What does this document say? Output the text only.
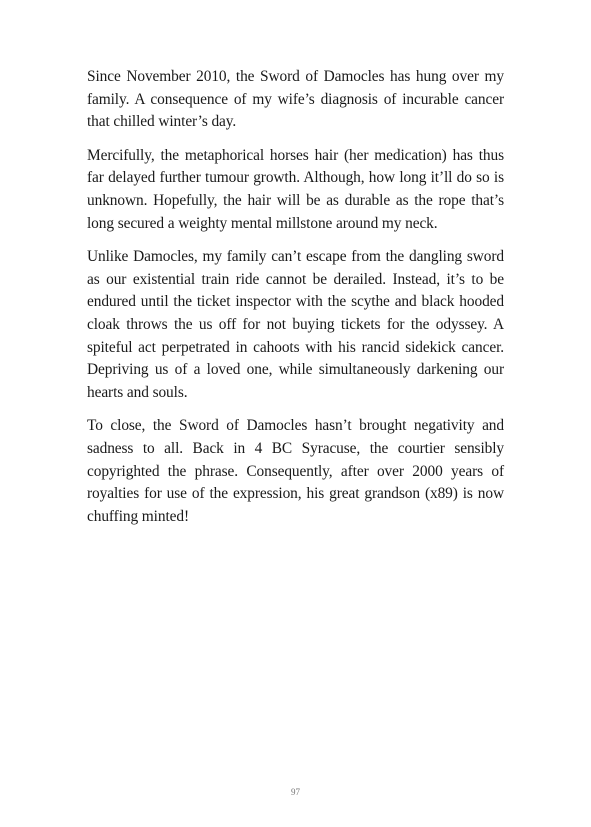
Since November 2010, the Sword of Damocles has hung over my family. A consequence of my wife’s diagnosis of incurable cancer that chilled winter’s day.

Mercifully, the metaphorical horses hair (her medication) has thus far delayed further tumour growth. Although, how long it’ll do so is unknown. Hopefully, the hair will be as durable as the rope that’s long secured a weighty mental millstone around my neck.

Unlike Damocles, my family can’t escape from the dangling sword as our existential train ride cannot be derailed. Instead, it’s to be endured until the ticket inspector with the scythe and black hooded cloak throws the us off for not buying tickets for the odyssey. A spiteful act perpetrated in cahoots with his rancid sidekick cancer. Depriving us of a loved one, while simultaneously darkening our hearts and souls.

To close, the Sword of Damocles hasn’t brought negativity and sadness to all. Back in 4 BC Syracuse, the courtier sensibly copyrighted the phrase. Consequently, after over 2000 years of royalties for use of the expression, his great grandson (x89) is now chuffing minted!

97
